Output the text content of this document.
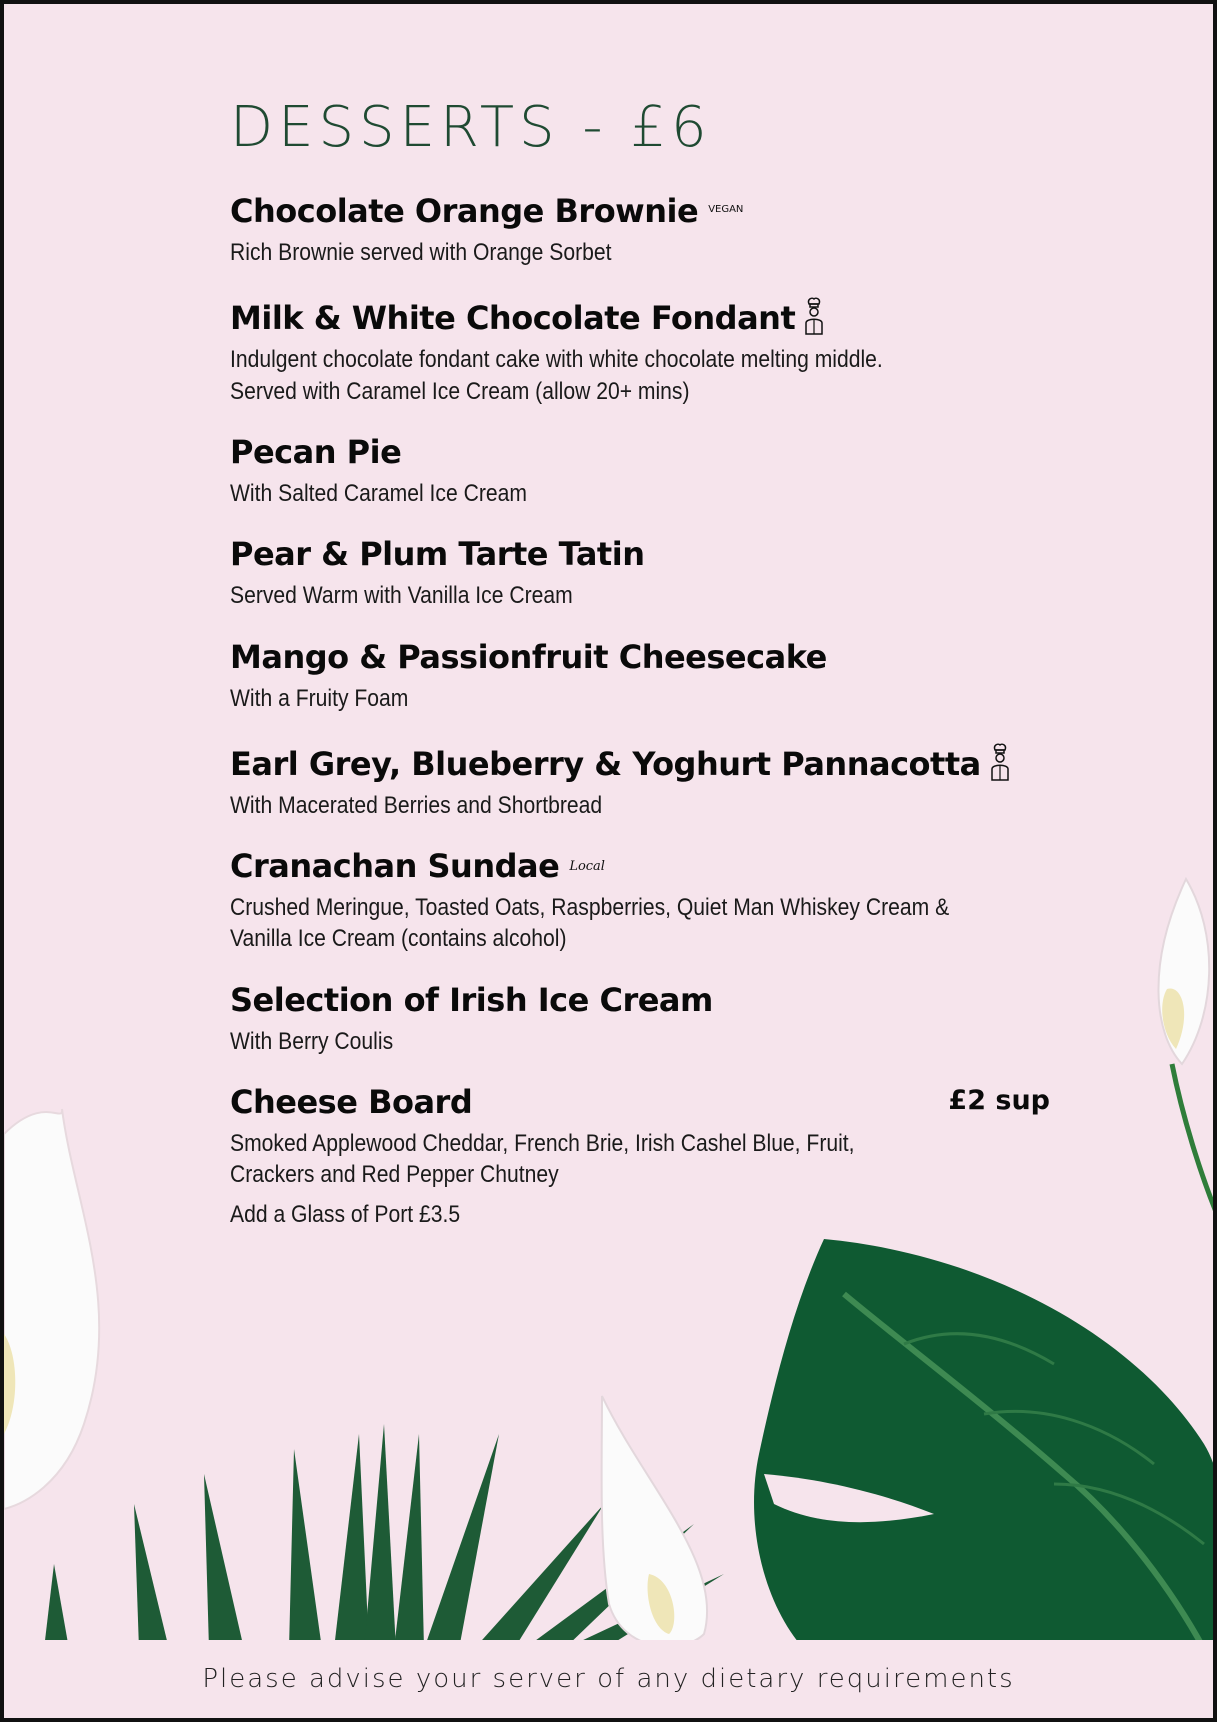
DESSERTS - £6
Chocolate Orange Brownie VEGAN
Rich Brownie served with Orange Sorbet
Milk & White Chocolate Fondant
Indulgent chocolate fondant cake with white chocolate melting middle.
Served with Caramel Ice Cream (allow 20+ mins)
Pecan Pie
With Salted Caramel Ice Cream
Pear & Plum Tarte Tatin
Served Warm with Vanilla Ice Cream
Mango & Passionfruit Cheesecake
With a Fruity Foam
Earl Grey, Blueberry & Yoghurt Pannacotta
With Macerated Berries and Shortbread
Cranachan Sundae Local
Crushed Meringue, Toasted Oats, Raspberries, Quiet Man Whiskey Cream &
Vanilla Ice Cream (contains alcohol)
Selection of Irish Ice Cream
With Berry Coulis
Cheese Board	£2 sup
Smoked Applewood Cheddar, French Brie, Irish Cashel Blue, Fruit,
Crackers and Red Pepper Chutney
Add a Glass of Port £3.5
Please advise your server of any dietary requirements
